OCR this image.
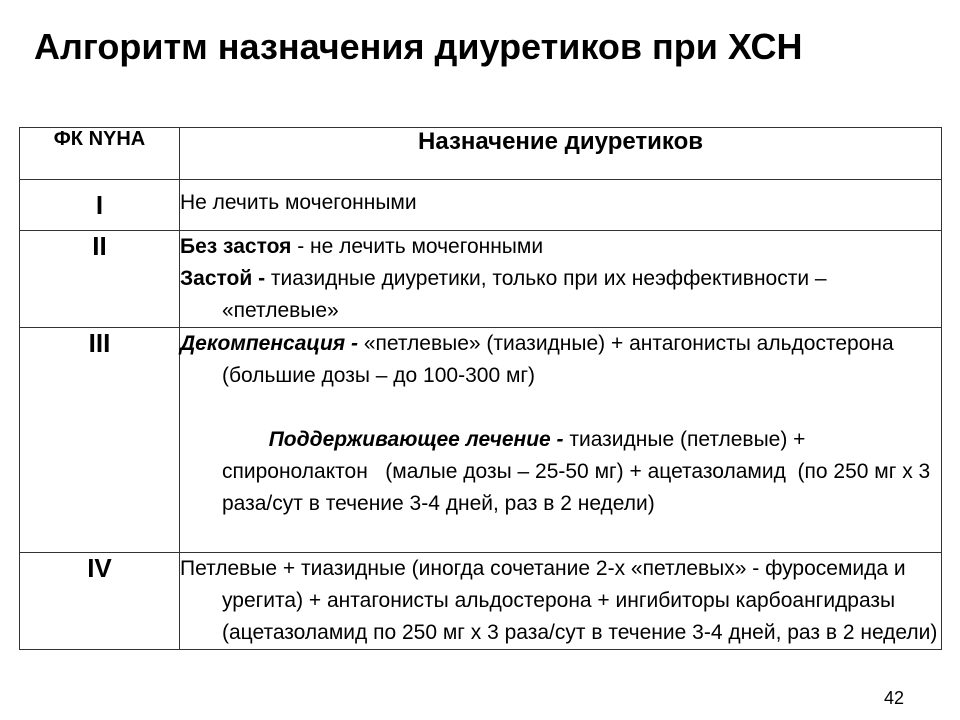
Алгоритм назначения диуретиков при ХСН
ФК NYHA	Назначение диуретиков
I	Не лечить мочегонными

II	Без застоя - не лечить мочегонными
Застой - тиазидные диуретики, только при их неэффективности – «петлевые»

III	Декомпенсация - «петлевые» (тиазидные) + антагонисты альдостерона (большие дозы – до 100-300 мг)

Поддерживающее лечение - тиазидные (петлевые) + спиронолактон   (малые дозы – 25-50 мг) + ацетазоламид  (по 250 мг х 3 раза/сут в течение 3-4 дней, раз в 2 недели)

IV	Петлевые + тиазидные (иногда сочетание 2-х «петлевых» - фуросемида и урегита) + антагонисты альдостерона + ингибиторы карбоангидразы (ацетазоламид по 250 мг х 3 раза/сут в течение 3-4 дней, раз в 2 недели)
42
